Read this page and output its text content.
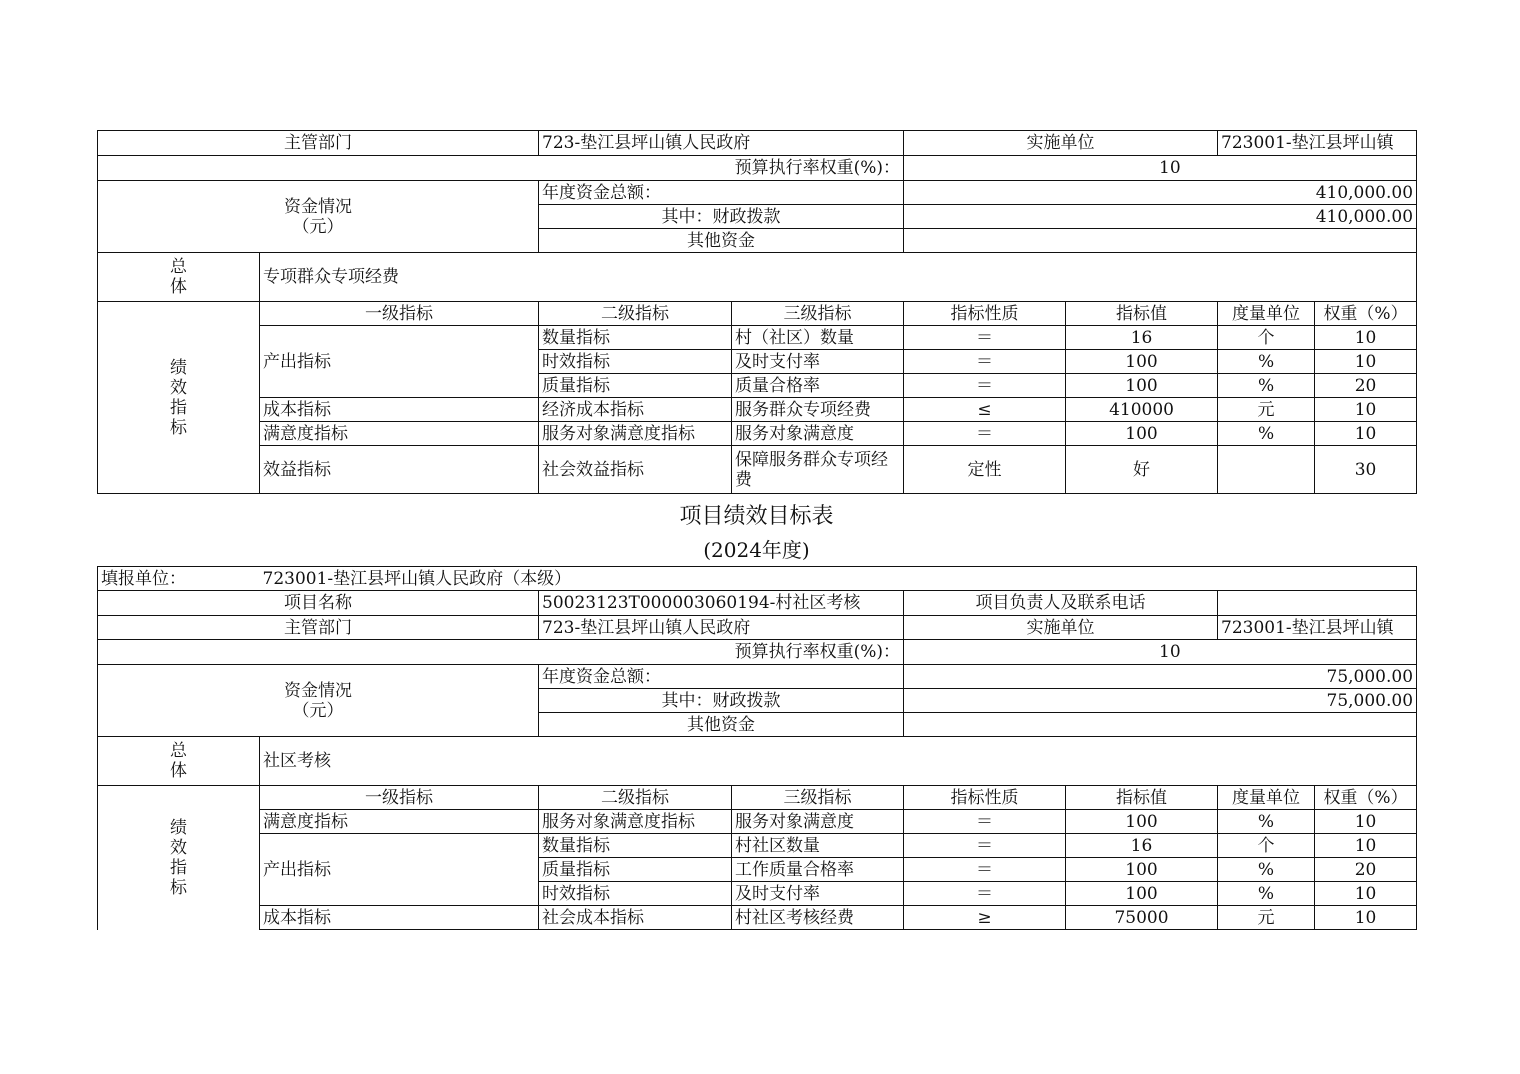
主管部门		723-垫江县坪山镇人民政府		实施单位		723001-垫江县坪山镇	
预算执行率权重(%)：				10			

资金情况
（元）		年度资金总额：		410,000.00			
		其中：财政拨款		410,000.00			
		其他资金					

总
体	专项群众专项经费						

绩
效
指
标	一级指标	二级指标	三级指标	指标性质	指标值	度量单位	权重（%）
	产出指标	数量指标	村（社区）数量	＝	16	个	10
		时效指标	及时支付率	＝	100	%	10
		质量指标	质量合格率	＝	100	%	20
	成本指标	经济成本指标	服务群众专项经费	≤	410000	元	10
	满意度指标	服务对象满意度指标	服务对象满意度	＝	100	%	10
	效益指标	社会效益指标	保障服务群众专项经费	定性	好		30
项目绩效目标表
(2024年度)
填报单位：	723001-垫江县坪山镇人民政府（本级）						
项目名称		50023123T000003060194-村社区考核		项目负责人及联系电话			
主管部门		723-垫江县坪山镇人民政府		实施单位		723001-垫江县坪山镇	
预算执行率权重(%)：				10			

资金情况
（元）		年度资金总额：		75,000.00			
		其中：财政拨款		75,000.00			
		其他资金					

总
体	社区考核						

绩
效
指
标	一级指标	二级指标	三级指标	指标性质	指标值	度量单位	权重（%）
	满意度指标	服务对象满意度指标	服务对象满意度	＝	100	%	10
	产出指标	数量指标	村社区数量	＝	16	个	10
		质量指标	工作质量合格率	＝	100	%	20
		时效指标	及时支付率	＝	100	%	10
	成本指标	社会成本指标	村社区考核经费	≥	75000	元	10
